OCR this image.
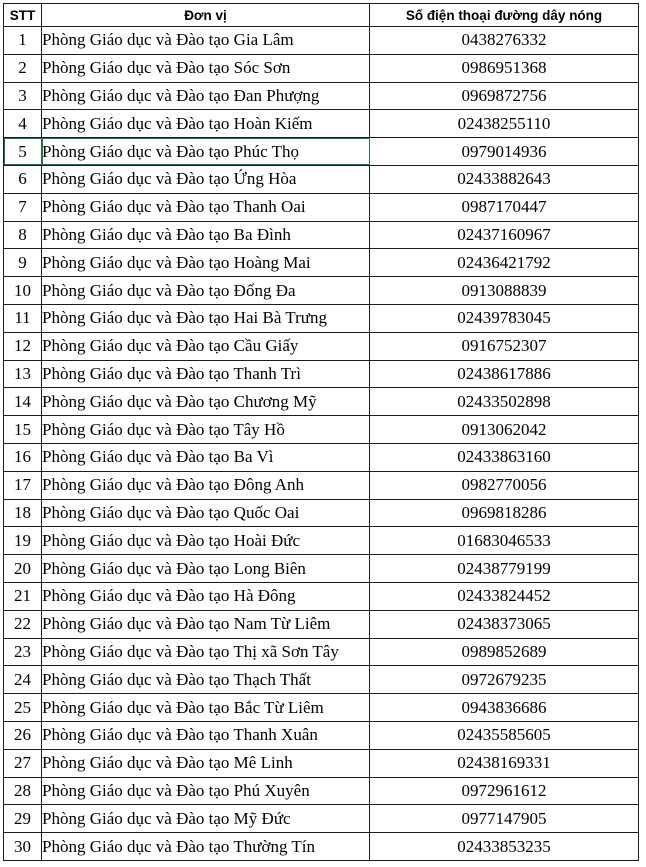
STT	Đơn vị	Số điện thoại đường dây nóng
1	Phòng Giáo dục và Đào tạo Gia Lâm	0438276332
2	Phòng Giáo dục và Đào tạo Sóc Sơn	0986951368
3	Phòng Giáo dục và Đào tạo Đan Phượng	0969872756
4	Phòng Giáo dục và Đào tạo Hoàn Kiếm	02438255110
5	Phòng Giáo dục và Đào tạo Phúc Thọ	0979014936
6	Phòng Giáo dục và Đào tạo Ứng Hòa	02433882643
7	Phòng Giáo dục và Đào tạo Thanh Oai	0987170447
8	Phòng Giáo dục và Đào tạo Ba Đình	02437160967
9	Phòng Giáo dục và Đào tạo Hoàng Mai	02436421792
10	Phòng Giáo dục và Đào tạo Đống Đa	0913088839
11	Phòng Giáo dục và Đào tạo Hai Bà Trưng	02439783045
12	Phòng Giáo dục và Đào tạo Cầu Giấy	0916752307
13	Phòng Giáo dục và Đào tạo Thanh Trì	02438617886
14	Phòng Giáo dục và Đào tạo Chương Mỹ	02433502898
15	Phòng Giáo dục và Đào tạo Tây Hồ	0913062042
16	Phòng Giáo dục và Đào tạo Ba Vì	02433863160
17	Phòng Giáo dục và Đào tạo Đông Anh	0982770056
18	Phòng Giáo dục và Đào tạo Quốc Oai	0969818286
19	Phòng Giáo dục và Đào tạo Hoài Đức	01683046533
20	Phòng Giáo dục và Đào tạo Long Biên	02438779199
21	Phòng Giáo dục và Đào tạo Hà Đông	02433824452
22	Phòng Giáo dục và Đào tạo Nam Từ Liêm	02438373065
23	Phòng Giáo dục và Đào tạo Thị xã Sơn Tây	0989852689
24	Phòng Giáo dục và Đào tạo Thạch Thất	0972679235
25	Phòng Giáo dục và Đào tạo Bắc Từ Liêm	0943836686
26	Phòng Giáo dục và Đào tạo Thanh Xuân	02435585605
27	Phòng Giáo dục và Đào tạo Mê Linh	02438169331
28	Phòng Giáo dục và Đào tạo Phú Xuyên	0972961612
29	Phòng Giáo dục và Đào tạo Mỹ Đức	0977147905
30	Phòng Giáo dục và Đào tạo Thường Tín	02433853235
